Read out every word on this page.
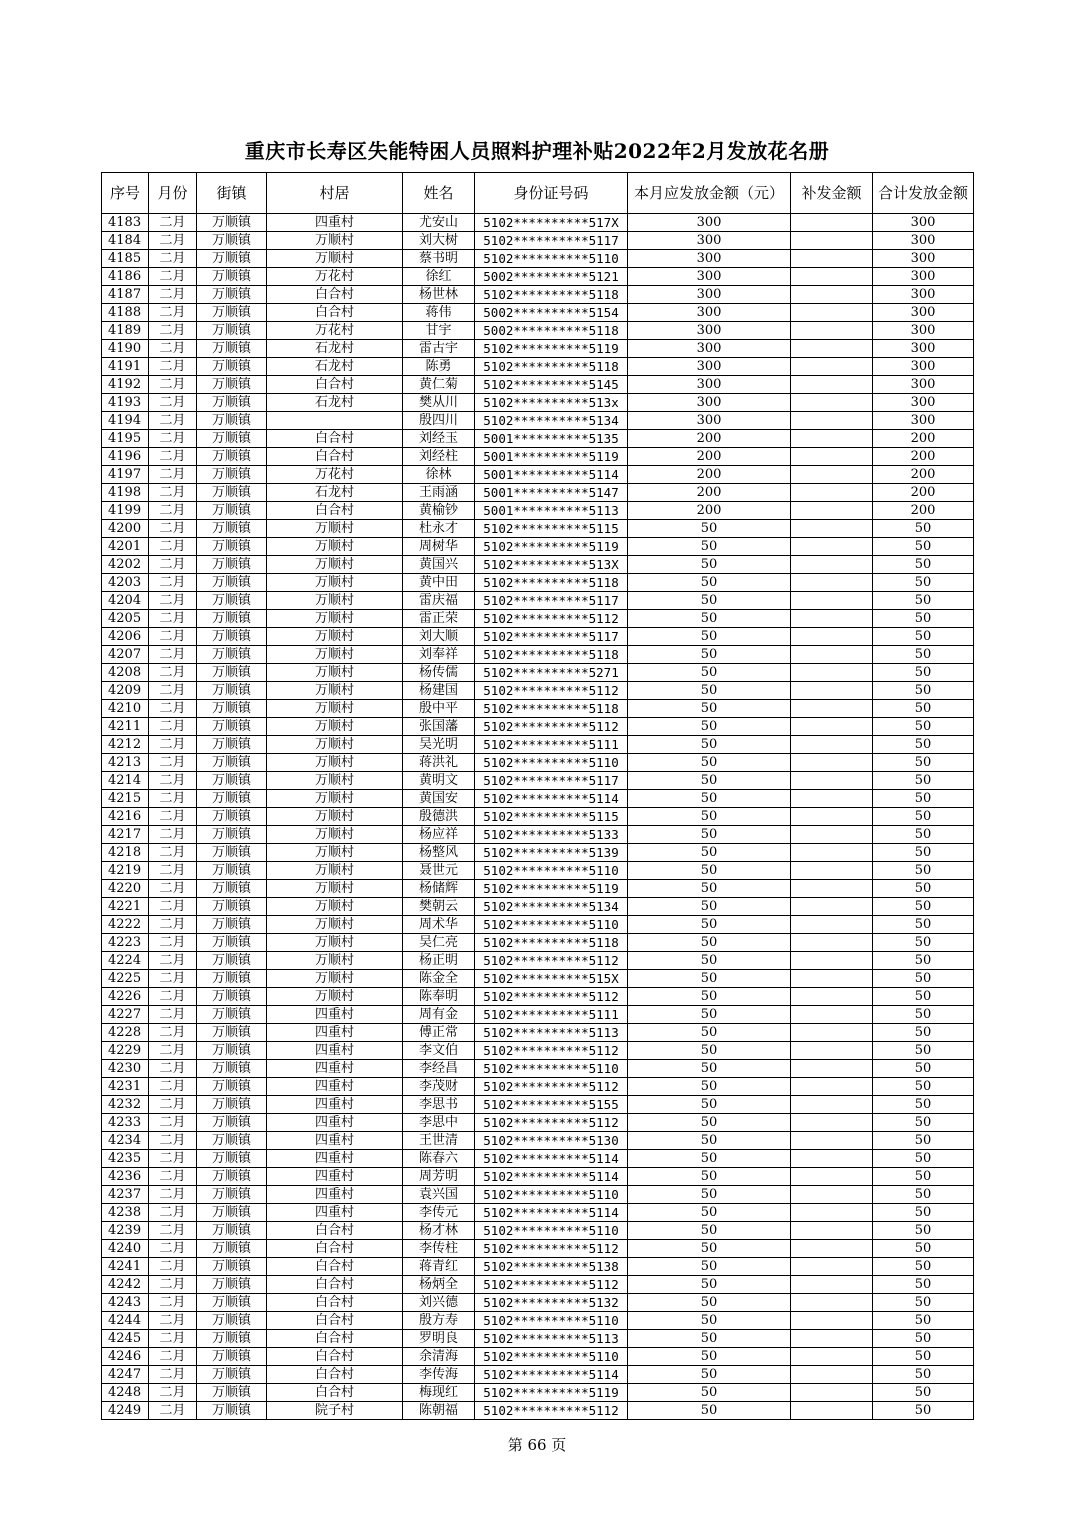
重庆市长寿区失能特困人员照料护理补贴2022年2月发放花名册
序号	月份	街镇	村居	姓名	身份证号码	本月应发放金额（元）	补发金额	合计发放金额
4183	二月	万顺镇	四重村	尤安山	5102**********517X	300		300
4184	二月	万顺镇	万顺村	刘大树	5102**********5117	300		300
4185	二月	万顺镇	万顺村	蔡书明	5102**********5110	300		300
4186	二月	万顺镇	万花村	徐红	5002**********5121	300		300
4187	二月	万顺镇	白合村	杨世林	5102**********5118	300		300
4188	二月	万顺镇	白合村	蒋伟	5002**********5154	300		300
4189	二月	万顺镇	万花村	甘宇	5002**********5118	300		300
4190	二月	万顺镇	石龙村	雷古宇	5102**********5119	300		300
4191	二月	万顺镇	石龙村	陈勇	5102**********5118	300		300
4192	二月	万顺镇	白合村	黄仁菊	5102**********5145	300		300
4193	二月	万顺镇	石龙村	樊从川	5102**********513x	300		300
4194	二月	万顺镇		殷四川	5102**********5134	300		300
4195	二月	万顺镇	白合村	刘经玉	5001**********5135	200		200
4196	二月	万顺镇	白合村	刘经柱	5001**********5119	200		200
4197	二月	万顺镇	万花村	徐林	5001**********5114	200		200
4198	二月	万顺镇	石龙村	王雨涵	5001**********5147	200		200
4199	二月	万顺镇	白合村	黄榆钞	5001**********5113	200		200
4200	二月	万顺镇	万顺村	杜永才	5102**********5115	50		50
4201	二月	万顺镇	万顺村	周树华	5102**********5119	50		50
4202	二月	万顺镇	万顺村	黄国兴	5102**********513X	50		50
4203	二月	万顺镇	万顺村	黄中田	5102**********5118	50		50
4204	二月	万顺镇	万顺村	雷庆福	5102**********5117	50		50
4205	二月	万顺镇	万顺村	雷正荣	5102**********5112	50		50
4206	二月	万顺镇	万顺村	刘大顺	5102**********5117	50		50
4207	二月	万顺镇	万顺村	刘奉祥	5102**********5118	50		50
4208	二月	万顺镇	万顺村	杨传儒	5102**********5271	50		50
4209	二月	万顺镇	万顺村	杨建国	5102**********5112	50		50
4210	二月	万顺镇	万顺村	殷中平	5102**********5118	50		50
4211	二月	万顺镇	万顺村	张国藩	5102**********5112	50		50
4212	二月	万顺镇	万顺村	吴光明	5102**********5111	50		50
4213	二月	万顺镇	万顺村	蒋洪礼	5102**********5110	50		50
4214	二月	万顺镇	万顺村	黄明文	5102**********5117	50		50
4215	二月	万顺镇	万顺村	黄国安	5102**********5114	50		50
4216	二月	万顺镇	万顺村	殷德洪	5102**********5115	50		50
4217	二月	万顺镇	万顺村	杨应祥	5102**********5133	50		50
4218	二月	万顺镇	万顺村	杨整风	5102**********5139	50		50
4219	二月	万顺镇	万顺村	聂世元	5102**********5110	50		50
4220	二月	万顺镇	万顺村	杨储辉	5102**********5119	50		50
4221	二月	万顺镇	万顺村	樊朝云	5102**********5134	50		50
4222	二月	万顺镇	万顺村	周术华	5102**********5110	50		50
4223	二月	万顺镇	万顺村	吴仁亮	5102**********5118	50		50
4224	二月	万顺镇	万顺村	杨正明	5102**********5112	50		50
4225	二月	万顺镇	万顺村	陈金全	5102**********515X	50		50
4226	二月	万顺镇	万顺村	陈奉明	5102**********5112	50		50
4227	二月	万顺镇	四重村	周有金	5102**********5111	50		50
4228	二月	万顺镇	四重村	傅正常	5102**********5113	50		50
4229	二月	万顺镇	四重村	李文伯	5102**********5112	50		50
4230	二月	万顺镇	四重村	李经昌	5102**********5110	50		50
4231	二月	万顺镇	四重村	李茂财	5102**********5112	50		50
4232	二月	万顺镇	四重村	李思书	5102**********5155	50		50
4233	二月	万顺镇	四重村	李思中	5102**********5112	50		50
4234	二月	万顺镇	四重村	王世清	5102**********5130	50		50
4235	二月	万顺镇	四重村	陈春六	5102**********5114	50		50
4236	二月	万顺镇	四重村	周芳明	5102**********5114	50		50
4237	二月	万顺镇	四重村	袁兴国	5102**********5110	50		50
4238	二月	万顺镇	四重村	李传元	5102**********5114	50		50
4239	二月	万顺镇	白合村	杨才林	5102**********5110	50		50
4240	二月	万顺镇	白合村	李传柱	5102**********5112	50		50
4241	二月	万顺镇	白合村	蒋青红	5102**********5138	50		50
4242	二月	万顺镇	白合村	杨炳全	5102**********5112	50		50
4243	二月	万顺镇	白合村	刘兴德	5102**********5132	50		50
4244	二月	万顺镇	白合村	殷方寿	5102**********5110	50		50
4245	二月	万顺镇	白合村	罗明良	5102**********5113	50		50
4246	二月	万顺镇	白合村	余清海	5102**********5110	50		50
4247	二月	万顺镇	白合村	李传海	5102**********5114	50		50
4248	二月	万顺镇	白合村	梅现红	5102**********5119	50		50
4249	二月	万顺镇	院子村	陈朝福	5102**********5112	50		50
第 66 页
